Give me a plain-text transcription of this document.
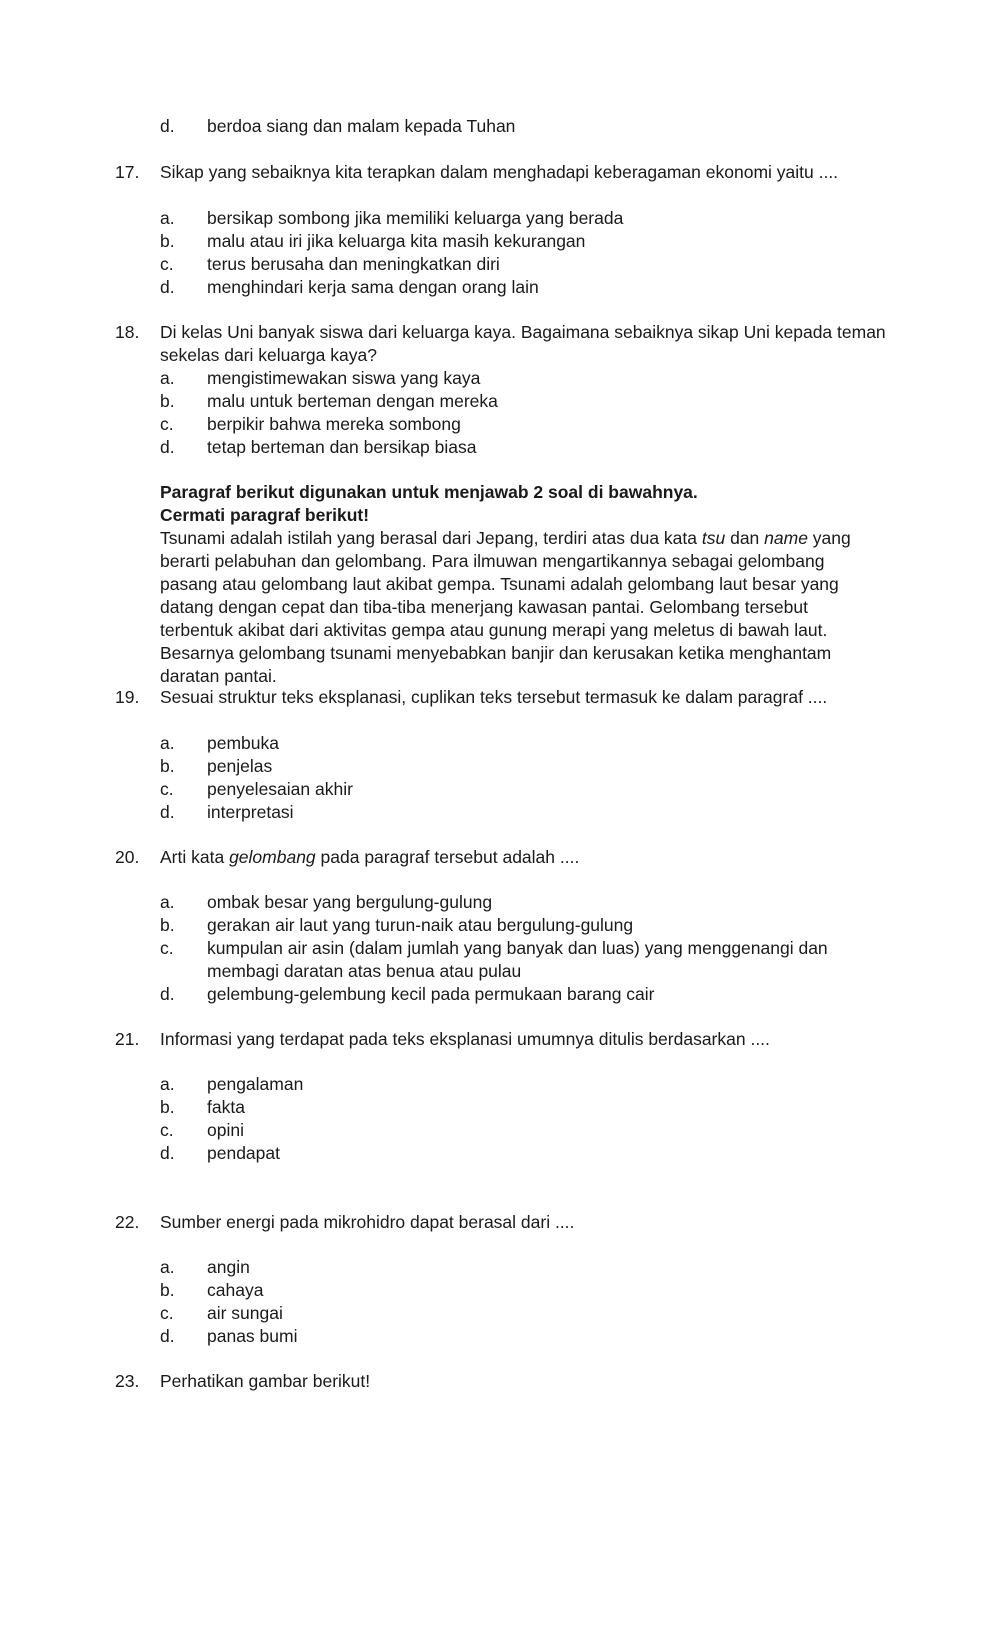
d.	berdoa siang dan malam kepada Tuhan
17.	Sikap yang sebaiknya kita terapkan dalam menghadapi keberagaman ekonomi yaitu ....
a.	bersikap sombong jika memiliki keluarga yang berada
b.	malu atau iri jika keluarga kita masih kekurangan
c.	terus berusaha dan meningkatkan diri
d.	menghindari kerja sama dengan orang lain
18.	Di kelas Uni banyak siswa dari keluarga kaya. Bagaimana sebaiknya sikap Uni kepada teman
sekelas dari keluarga kaya?
a.	mengistimewakan siswa yang kaya
b.	malu untuk berteman dengan mereka
c.	berpikir bahwa mereka sombong
d.	tetap berteman dan bersikap biasa
Paragraf berikut digunakan untuk menjawab 2 soal di bawahnya.
Cermati paragraf berikut!
Tsunami adalah istilah yang berasal dari Jepang, terdiri atas dua kata tsu dan name yang
berarti pelabuhan dan gelombang. Para ilmuwan mengartikannya sebagai gelombang
pasang atau gelombang laut akibat gempa. Tsunami adalah gelombang laut besar yang
datang dengan cepat dan tiba-tiba menerjang kawasan pantai. Gelombang tersebut
terbentuk akibat dari aktivitas gempa atau gunung merapi yang meletus di bawah laut.
Besarnya gelombang tsunami menyebabkan banjir dan kerusakan ketika menghantam
daratan pantai.
19.	Sesuai struktur teks eksplanasi, cuplikan teks tersebut termasuk ke dalam paragraf ....
a.	pembuka
b.	penjelas
c.	penyelesaian akhir
d.	interpretasi
20.	Arti kata gelombang pada paragraf tersebut adalah ....
a.	ombak besar yang bergulung-gulung
b.	gerakan air laut yang turun-naik atau bergulung-gulung
c.	kumpulan air asin (dalam jumlah yang banyak dan luas) yang menggenangi dan
membagi daratan atas benua atau pulau
d.	gelembung-gelembung kecil pada permukaan barang cair
21.	Informasi yang terdapat pada teks eksplanasi umumnya ditulis berdasarkan ....
a.	pengalaman
b.	fakta
c.	opini
d.	pendapat
22.	Sumber energi pada mikrohidro dapat berasal dari ....
a.	angin
b.	cahaya
c.	air sungai
d.	panas bumi
23.	Perhatikan gambar berikut!
